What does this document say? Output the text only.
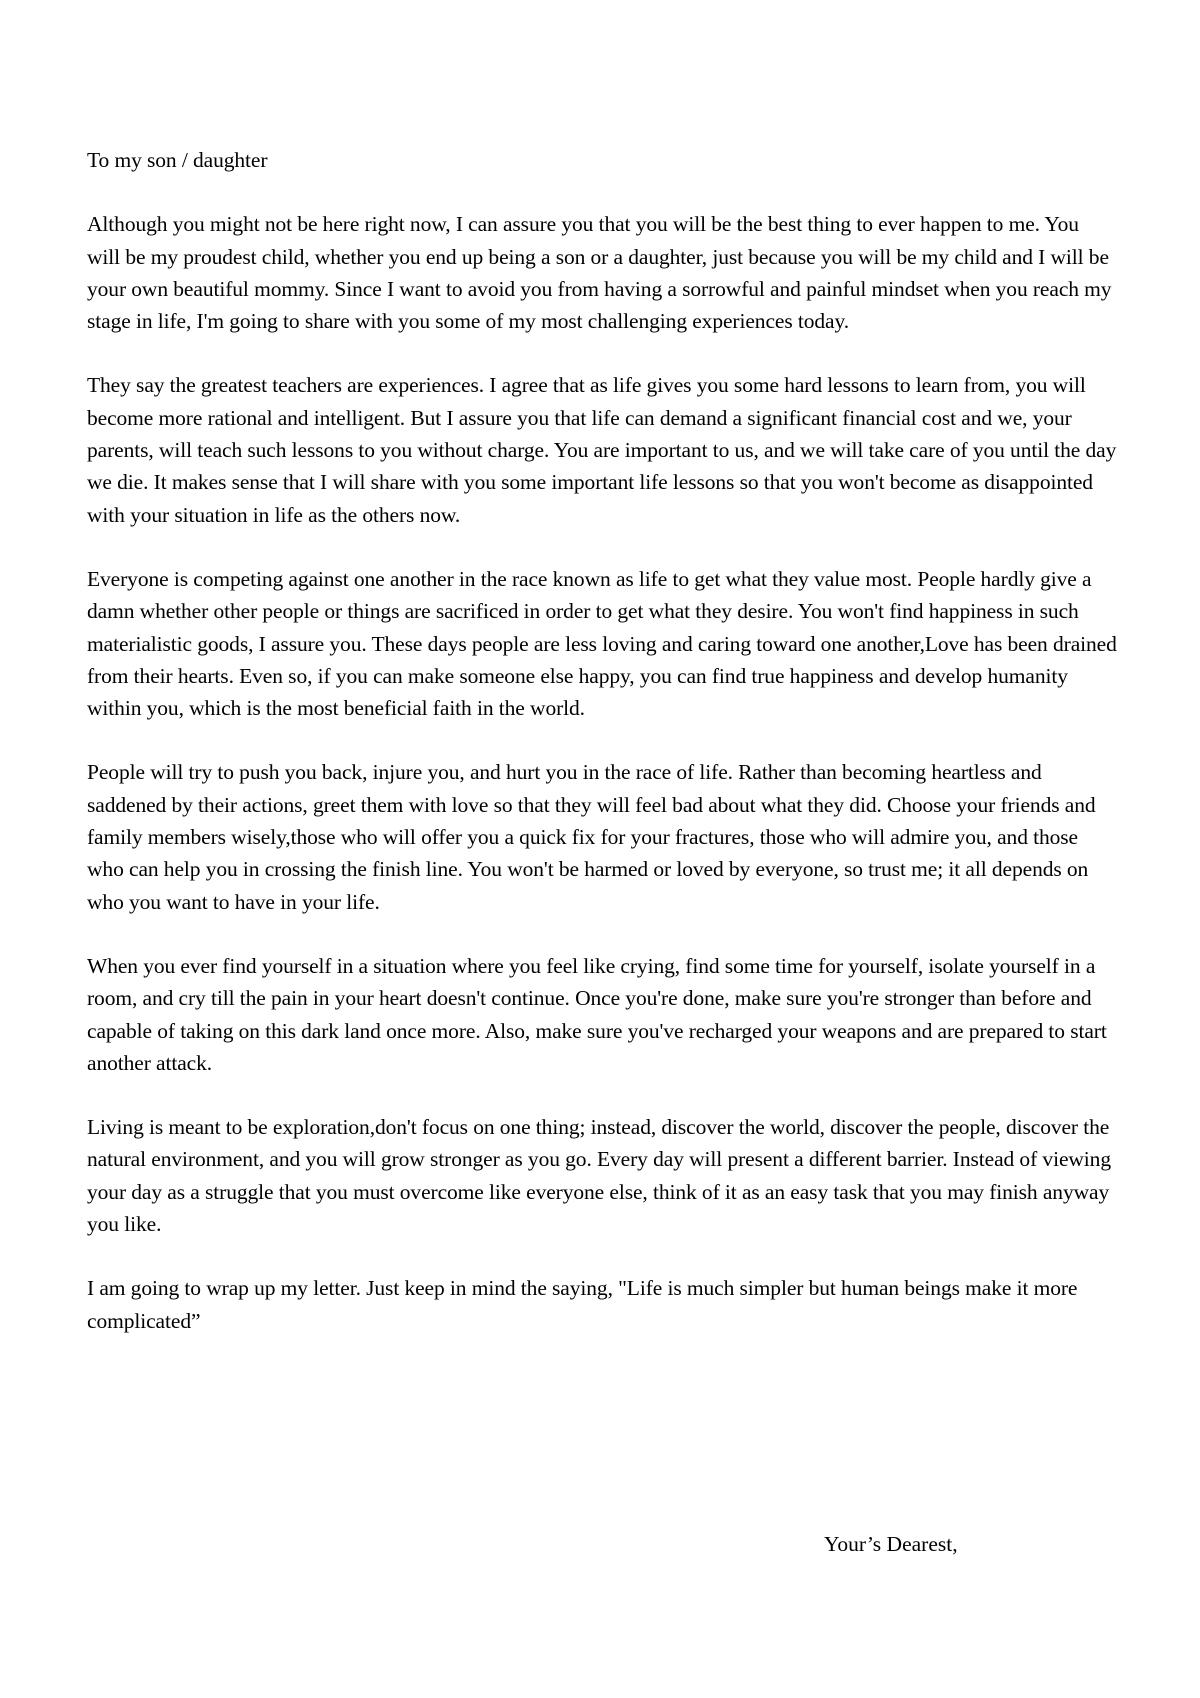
To my son / daughter

Although you might not be here right now, I can assure you that you will be the best thing to ever happen to me. You will be my proudest child, whether you end up being a son or a daughter, just because you will be my child and I will be your own beautiful mommy. Since I want to avoid you from having a sorrowful and painful mindset when you reach my stage in life, I'm going to share with you some of my most challenging experiences today.

They say the greatest teachers are experiences. I agree that as life gives you some hard lessons to learn from, you will become more rational and intelligent. But I assure you that life can demand a significant financial cost and we, your parents, will teach such lessons to you without charge. You are important to us, and we will take care of you until the day we die. It makes sense that I will share with you some important life lessons so that you won't become as disappointed with your situation in life as the others now.

Everyone is competing against one another in the race known as life to get what they value most. People hardly give a damn whether other people or things are sacrificed in order to get what they desire. You won't find happiness in such materialistic goods, I assure you. These days people are less loving and caring toward one another,Love has been drained from their hearts. Even so, if you can make someone else happy, you can find true happiness and develop humanity within you, which is the most beneficial faith in the world.

People will try to push you back, injure you, and hurt you in the race of life. Rather than becoming heartless and saddened by their actions, greet them with love so that they will feel bad about what they did. Choose your friends and family members wisely,those who will offer you a quick fix for your fractures, those who will admire you, and those who can help you in crossing the finish line. You won't be harmed or loved by everyone, so trust me; it all depends on who you want to have in your life.

When you ever find yourself in a situation where you feel like crying, find some time for yourself, isolate yourself in a room, and cry till the pain in your heart doesn't continue. Once you're done, make sure you're stronger than before and capable of taking on this dark land once more. Also, make sure you've recharged your weapons and are prepared to start another attack.

Living is meant to be exploration,don't focus on one thing; instead, discover the world, discover the people, discover the natural environment, and you will grow stronger as you go. Every day will present a different barrier. Instead of viewing your day as a struggle that you must overcome like everyone else, think of it as an easy task that you may finish anyway you like.

I am going to wrap up my letter. Just keep in mind the saying, "Life is much simpler but human beings make it more complicated”

Your’s Dearest,
